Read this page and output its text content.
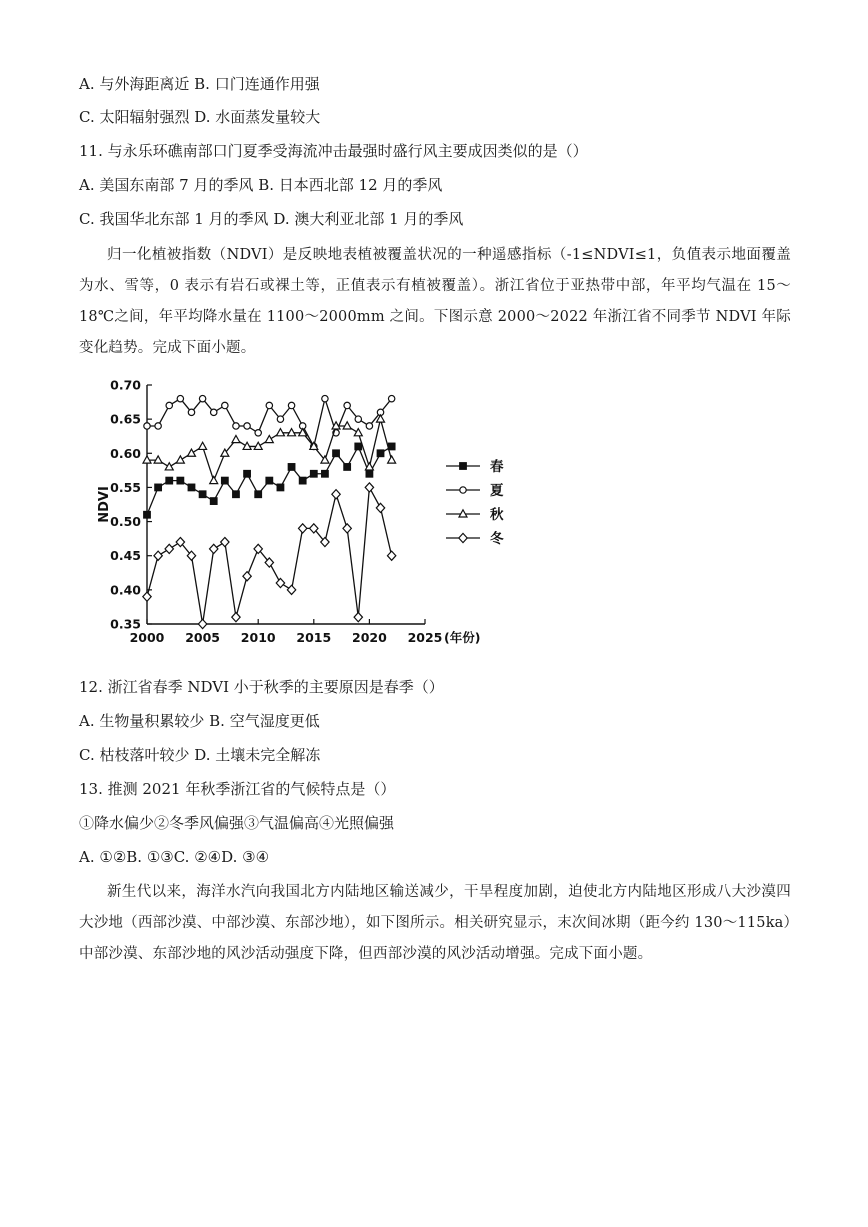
A. 与外海距离近 B. 口门连通作用强
C. 太阳辐射强烈 D. 水面蒸发量较大
11. 与永乐环礁南部口门夏季受海流冲击最强时盛行风主要成因类似的是（）
A. 美国东南部 7 月的季风 B. 日本西北部 12 月的季风
C. 我国华北东部 1 月的季风 D. 澳大利亚北部 1 月的季风
归一化植被指数（NDVI）是反映地表植被覆盖状况的一种遥感指标（-1≤NDVI≤1，负值表示地面覆盖为水、雪等，0 表示有岩石或裸土等，正值表示有植被覆盖）。浙江省位于亚热带中部，年平均气温在 15～18℃之间，年平均降水量在 1100～2000mm 之间。下图示意 2000～2022 年浙江省不同季节 NDVI 年际变化趋势。完成下面小题。
0.35
0.40
0.45
0.50
0.55
0.60
0.65
0.70
2000 2005 2010 2015 2020 2025 (年份)
NDVI
春
夏
秋
冬
12. 浙江省春季 NDVI 小于秋季的主要原因是春季（）
A. 生物量积累较少 B. 空气湿度更低
C. 枯枝落叶较少 D. 土壤未完全解冻
13. 推测 2021 年秋季浙江省的气候特点是（）
①降水偏少②冬季风偏强③气温偏高④光照偏强
A. ①②B. ①③C. ②④D. ③④
新生代以来，海洋水汽向我国北方内陆地区输送减少，干旱程度加剧，迫使北方内陆地区形成八大沙漠四大沙地（西部沙漠、中部沙漠、东部沙地），如下图所示。相关研究显示，末次间冰期（距今约 130～115ka）中部沙漠、东部沙地的风沙活动强度下降，但西部沙漠的风沙活动增强。完成下面小题。
